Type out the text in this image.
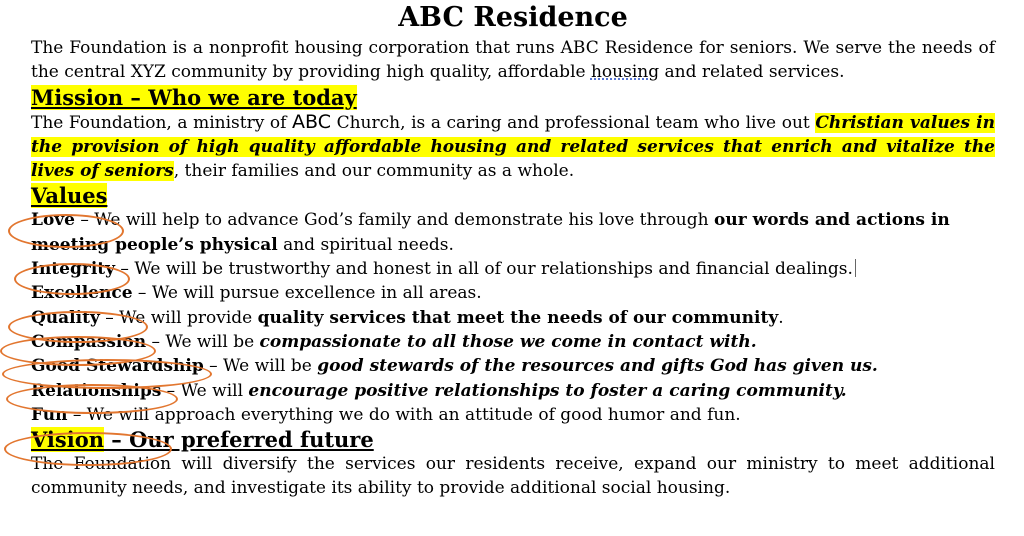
ABC Residence

The Foundation is a nonprofit housing corporation that runs ABC Residence for seniors. We serve the needs of the central XYZ community by providing high quality, affordable housing and related services.

Mission – Who we are today

The Foundation, a ministry of ABC Church, is a caring and professional team who live out Christian values in the provision of high quality affordable housing and related services that enrich and vitalize the lives of seniors, their families and our community as a whole.

Values

Love – We will help to advance God’s family and demonstrate his love through our words and actions in meeting people’s physical and spiritual needs.

Integrity – We will be trustworthy and honest in all of our relationships and financial dealings.

Excellence – We will pursue excellence in all areas.

Quality – We will provide quality services that meet the needs of our community.

Compassion – We will be compassionate to all those we come in contact with.

Good Stewardship – We will be good stewards of the resources and gifts God has given us.

Relationships – We will encourage positive relationships to foster a caring community.

Fun – We will approach everything we do with an attitude of good humor and fun.

Vision – Our preferred future

The Foundation will diversify the services our residents receive, expand our ministry to meet additional community needs, and investigate its ability to provide additional social housing.
